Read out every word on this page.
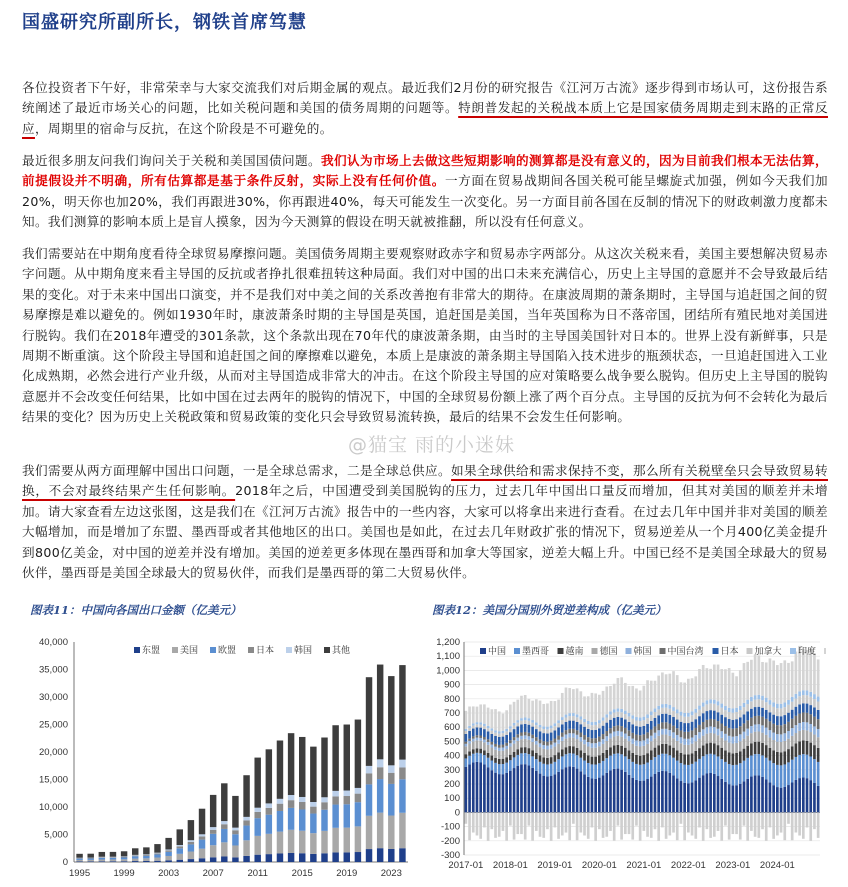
国盛研究所副所长，钢铁首席笃慧
各位投资者下午好，非常荣幸与大家交流我们对后期金属的观点。最近我们2月份的研究报告《江河万古流》逐步得到市场认可，这份报告系统阐述了最近市场关心的问题，比如关税问题和美国的债务周期的问题等。特朗普发起的关税战本质上它是国家债务周期走到末路的正常反应，周期里的宿命与反抗，在这个阶段是不可避免的。
最近很多朋友问我们询问关于关税和美国国债问题。我们认为市场上去做这些短期影响的测算都是没有意义的，因为目前我们根本无法估算，前提假设并不明确，所有估算都是基于条件反射，实际上没有任何价值。一方面在贸易战期间各国关税可能呈螺旋式加强，例如今天我们加20%，明天你也加20%，我们再跟进30%，你再跟进40%，每天可能发生一次变化。另一方面目前各国在反制的情况下的财政刺激力度都未知。我们测算的影响本质上是盲人摸象，因为今天测算的假设在明天就被推翻，所以没有任何意义。
我们需要站在中期角度看待全球贸易摩擦问题。美国债务周期主要观察财政赤字和贸易赤字两部分。从这次关税来看，美国主要想解决贸易赤字问题。从中期角度来看主导国的反抗或者挣扎很难扭转这种局面。我们对中国的出口未来充满信心，历史上主导国的意愿并不会导致最后结果的变化。对于未来中国出口演变，并不是我们对中美之间的关系改善抱有非常大的期待。在康波周期的萧条期时，主导国与追赶国之间的贸易摩擦是难以避免的。例如1930年时，康波萧条时期的主导国是英国，追赶国是美国，当年英国称为日不落帝国，团结所有殖民地对美国进行脱钩。我们在2018年遭受的301条款，这个条款出现在70年代的康波萧条期，由当时的主导国美国针对日本的。世界上没有新鲜事，只是周期不断重演。这个阶段主导国和追赶国之间的摩擦难以避免，本质上是康波的萧条期主导国陷入技术进步的瓶颈状态，一旦追赶国进入工业化成熟期，必然会进行产业升级，从而对主导国造成非常大的冲击。在这个阶段主导国的应对策略要么战争要么脱钩。但历史上主导国的脱钩意愿并不会改变任何结果，比如中国在过去两年的脱钩的情况下，中国的全球贸易份额上涨了两个百分点。主导国的反抗为何不会转化为最后结果的变化？因为历史上关税政策和贸易政策的变化只会导致贸易流转换，最后的结果不会发生任何影响。
我们需要从两方面理解中国出口问题，一是全球总需求，二是全球总供应。如果全球供给和需求保持不变，那么所有关税壁垒只会导致贸易转换，不会对最终结果产生任何影响。2018年之后，中国遭受到美国脱钩的压力，过去几年中国出口量反而增加，但其对美国的顺差并未增加。请大家查看左边这张图，这是我们在《江河万古流》报告中的一些内容，大家可以将拿出来进行查看。在过去几年中国并非对美国的顺差大幅增加，而是增加了东盟、墨西哥或者其他地区的出口。美国也是如此，在过去几年财政扩张的情况下，贸易逆差从一个月400亿美金提升到800亿美金，对中国的逆差并没有增加。美国的逆差更多体现在墨西哥和加拿大等国家，逆差大幅上升。中国已经不是美国全球最大的贸易伙伴，墨西哥是美国全球最大的贸易伙伴，而我们是墨西哥的第二大贸易伙伴。
@猫宝 雨的小迷妹
图表11：中国向各国出口金额（亿美元）	图表12：美国分国别外贸逆差构成（亿美元）
0
5,000
10,000
15,000
20,000
25,000
30,000
35,000
40,000
1995 1999 2003 2007 2011 2015 2019 2023
东盟 美国 欧盟 日本 韩国 其他
1,200
1,100
1,000
900
800
700
600
500
400
300
200
100
0
-100
-200
-300
2017-01 2018-01 2019-01 2020-01 2021-01 2022-01 2023-01 2024-01
中国 墨西哥 越南 德国 韩国 中国台湾 日本 加拿大 印度
